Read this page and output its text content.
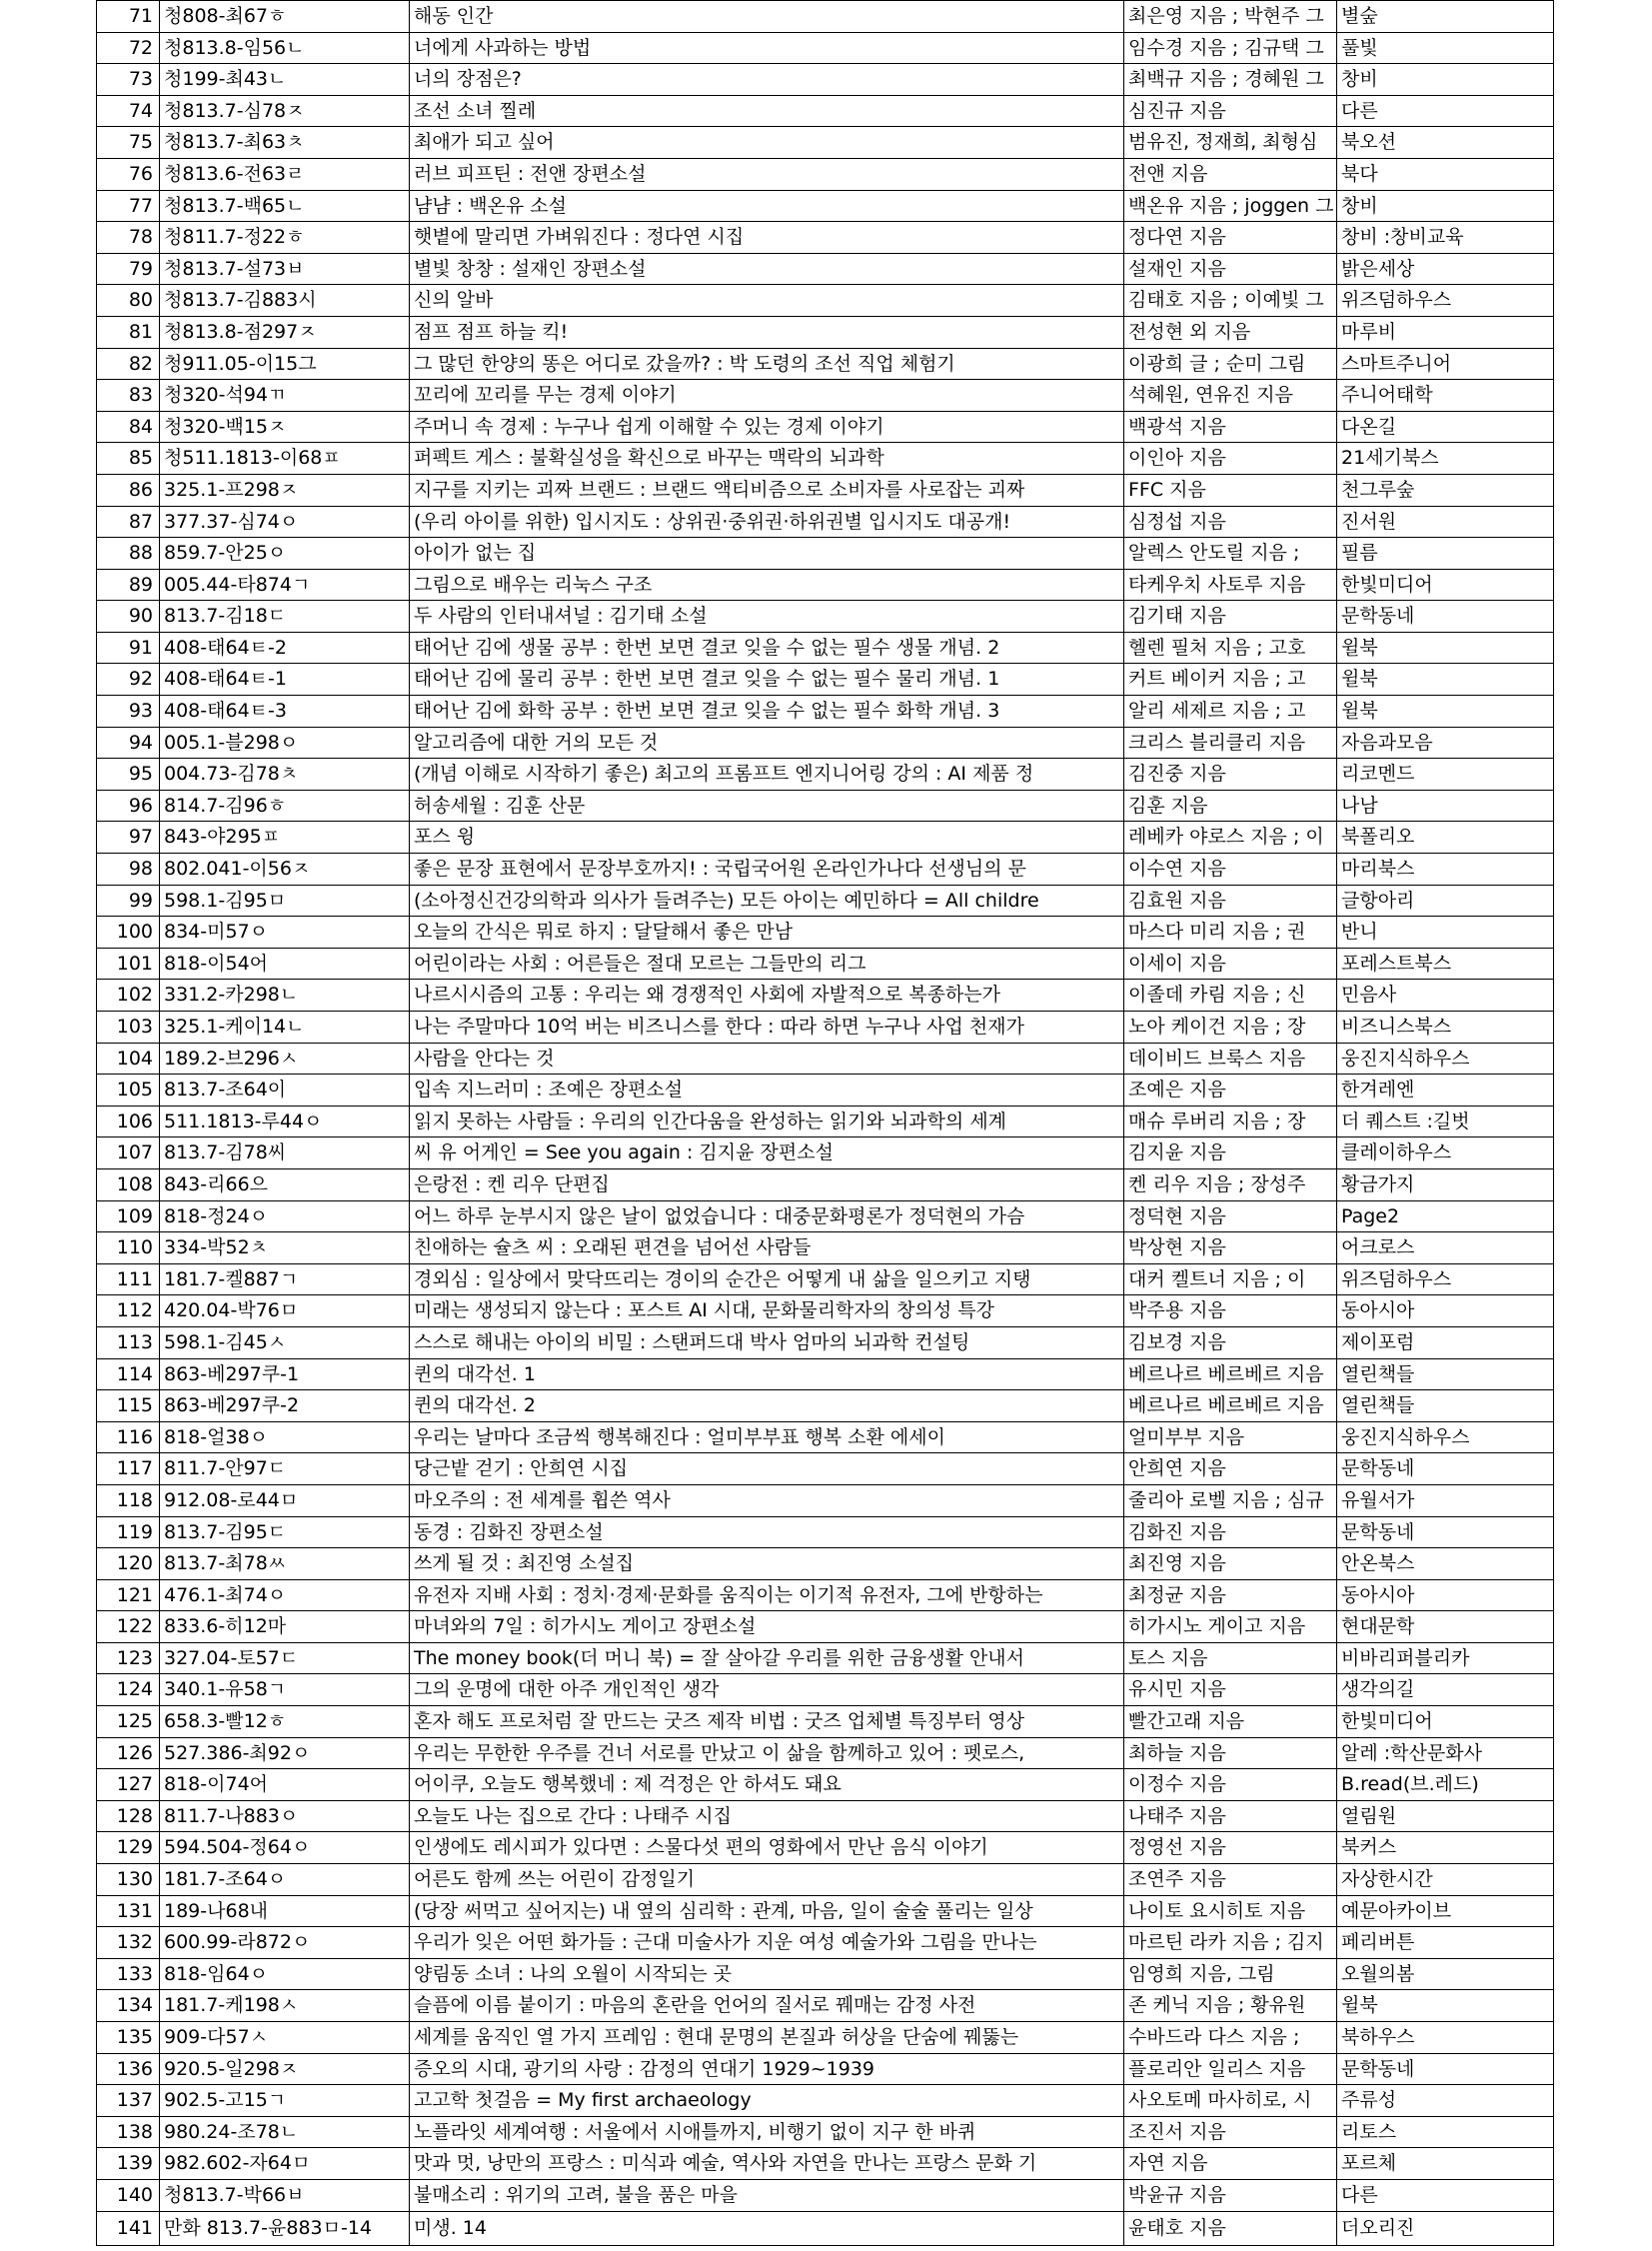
71	청808-최67ㅎ	해동 인간	최은영 지음 ; 박현주 그	별숲
72	청813.8-임56ㄴ	너에게 사과하는 방법	임수경 지음 ; 김규택 그	풀빛
73	청199-최43ㄴ	너의 장점은?	최백규 지음 ; 경혜원 그	창비
74	청813.7-심78ㅈ	조선 소녀 찔레	심진규 지음	다른
75	청813.7-최63ㅊ	최애가 되고 싶어	범유진, 정재희, 최형심	북오션
76	청813.6-전63ㄹ	러브 피프틴 : 전앤 장편소설	전앤 지음	북다
77	청813.7-백65ㄴ	냠냠 : 백온유 소설	백온유 지음 ; joggen 그	창비
78	청811.7-정22ㅎ	햇볕에 말리면 가벼워진다 : 정다연 시집	정다연 지음	창비 :창비교육
79	청813.7-설73ㅂ	별빛 창창 : 설재인 장편소설	설재인 지음	밝은세상
80	청813.7-김883시	신의 알바	김태호 지음 ; 이예빛 그	위즈덤하우스
81	청813.8-점297ㅈ	점프 점프 하늘 킥!	전성현 외 지음	마루비
82	청911.05-이15그	그 많던 한양의 똥은 어디로 갔을까? : 박 도령의 조선 직업 체험기	이광희 글 ; 순미 그림	스마트주니어
83	청320-석94ㄲ	꼬리에 꼬리를 무는 경제 이야기	석혜원, 연유진 지음	주니어태학
84	청320-백15ㅈ	주머니 속 경제 : 누구나 쉽게 이해할 수 있는 경제 이야기	백광석 지음	다온길
85	청511.1813-이68ㅍ	퍼펙트 게스 : 불확실성을 확신으로 바꾸는 맥락의 뇌과학	이인아 지음	21세기북스
86	325.1-프298ㅈ	지구를 지키는 괴짜 브랜드 : 브랜드 액티비즘으로 소비자를 사로잡는 괴짜	FFC 지음	천그루숲
87	377.37-심74ㅇ	(우리 아이를 위한) 입시지도 : 상위권·중위권·하위권별 입시지도 대공개!	심정섭 지음	진서원
88	859.7-안25ㅇ	아이가 없는 집	알렉스 안도릴 지음 ;	필름
89	005.44-타874ㄱ	그림으로 배우는 리눅스 구조	타케우치 사토루 지음	한빛미디어
90	813.7-김18ㄷ	두 사람의 인터내셔널 : 김기태 소설	김기태 지음	문학동네
91	408-태64ㅌ-2	태어난 김에 생물 공부 : 한번 보면 결코 잊을 수 없는 필수 생물 개념. 2	헬렌 필처 지음 ; 고호	윌북
92	408-태64ㅌ-1	태어난 김에 물리 공부 : 한번 보면 결코 잊을 수 없는 필수 물리 개념. 1	커트 베이커 지음 ; 고	윌북
93	408-태64ㅌ-3	태어난 김에 화학 공부 : 한번 보면 결코 잊을 수 없는 필수 화학 개념. 3	알리 세제르 지음 ; 고	윌북
94	005.1-블298ㅇ	알고리즘에 대한 거의 모든 것	크리스 블리클리 지음	자음과모음
95	004.73-김78ㅊ	(개념 이해로 시작하기 좋은) 최고의 프롬프트 엔지니어링 강의 : AI 제품 정	김진중 지음	리코멘드
96	814.7-김96ㅎ	허송세월 : 김훈 산문	김훈 지음	나남
97	843-야295ㅍ	포스 윙	레베카 야로스 지음 ; 이	북폴리오
98	802.041-이56ㅈ	좋은 문장 표현에서 문장부호까지! : 국립국어원 온라인가나다 선생님의 문	이수연 지음	마리북스
99	598.1-김95ㅁ	(소아정신건강의학과 의사가 들려주는) 모든 아이는 예민하다 = All childre	김효원 지음	글항아리
100	834-미57ㅇ	오늘의 간식은 뭐로 하지 : 달달해서 좋은 만남	마스다 미리 지음 ; 권	반니
101	818-이54어	어린이라는 사회 : 어른들은 절대 모르는 그들만의 리그	이세이 지음	포레스트북스
102	331.2-카298ㄴ	나르시시즘의 고통 : 우리는 왜 경쟁적인 사회에 자발적으로 복종하는가	이졸데 카림 지음 ; 신	민음사
103	325.1-케이14ㄴ	나는 주말마다 10억 버는 비즈니스를 한다 : 따라 하면 누구나 사업 천재가	노아 케이건 지음 ; 장	비즈니스북스
104	189.2-브296ㅅ	사람을 안다는 것	데이비드 브룩스 지음	웅진지식하우스
105	813.7-조64이	입속 지느러미 : 조예은 장편소설	조예은 지음	한겨레엔
106	511.1813-루44ㅇ	읽지 못하는 사람들 : 우리의 인간다움을 완성하는 읽기와 뇌과학의 세계	매슈 루버리 지음 ; 장	더 퀘스트 :길벗
107	813.7-김78씨	씨 유 어게인 = See you again : 김지윤 장편소설	김지윤 지음	클레이하우스
108	843-리66으	은랑전 : 켄 리우 단편집	켄 리우 지음 ; 장성주	황금가지
109	818-정24ㅇ	어느 하루 눈부시지 않은 날이 없었습니다 : 대중문화평론가 정덕현의 가슴	정덕현 지음	Page2
110	334-박52ㅊ	친애하는 슐츠 씨 : 오래된 편견을 넘어선 사람들	박상현 지음	어크로스
111	181.7-켈887ㄱ	경외심 : 일상에서 맞닥뜨리는 경이의 순간은 어떻게 내 삶을 일으키고 지탱	대커 켈트너 지음 ; 이	위즈덤하우스
112	420.04-박76ㅁ	미래는 생성되지 않는다 : 포스트 AI 시대, 문화물리학자의 창의성 특강	박주용 지음	동아시아
113	598.1-김45ㅅ	스스로 해내는 아이의 비밀 : 스탠퍼드대 박사 엄마의 뇌과학 컨설팅	김보경 지음	제이포럼
114	863-베297쿠-1	퀸의 대각선. 1	베르나르 베르베르 지음	열린책들
115	863-베297쿠-2	퀸의 대각선. 2	베르나르 베르베르 지음	열린책들
116	818-얼38ㅇ	우리는 날마다 조금씩 행복해진다 : 얼미부부표 행복 소환 에세이	얼미부부 지음	웅진지식하우스
117	811.7-안97ㄷ	당근밭 걷기 : 안희연 시집	안희연 지음	문학동네
118	912.08-로44ㅁ	마오주의 : 전 세계를 휩쓴 역사	줄리아 로벨 지음 ; 심규	유월서가
119	813.7-김95ㄷ	동경 : 김화진 장편소설	김화진 지음	문학동네
120	813.7-최78ㅆ	쓰게 될 것 : 최진영 소설집	최진영 지음	안온북스
121	476.1-최74ㅇ	유전자 지배 사회 : 정치·경제·문화를 움직이는 이기적 유전자, 그에 반항하는	최정균 지음	동아시아
122	833.6-히12마	마녀와의 7일 : 히가시노 게이고 장편소설	히가시노 게이고 지음	현대문학
123	327.04-토57ㄷ	The money book(더 머니 북) = 잘 살아갈 우리를 위한 금융생활 안내서	토스 지음	비바리퍼블리카
124	340.1-유58ㄱ	그의 운명에 대한 아주 개인적인 생각	유시민 지음	생각의길
125	658.3-빨12ㅎ	혼자 해도 프로처럼 잘 만드는 굿즈 제작 비법 : 굿즈 업체별 특징부터 영상	빨간고래 지음	한빛미디어
126	527.386-최92ㅇ	우리는 무한한 우주를 건너 서로를 만났고 이 삶을 함께하고 있어 : 펫로스,	최하늘 지음	알레 :학산문화사
127	818-이74어	어이쿠, 오늘도 행복했네 : 제 걱정은 안 하셔도 돼요	이정수 지음	B.read(브.레드)
128	811.7-나883ㅇ	오늘도 나는 집으로 간다 : 나태주 시집	나태주 지음	열림원
129	594.504-정64ㅇ	인생에도 레시피가 있다면 : 스물다섯 편의 영화에서 만난 음식 이야기	정영선 지음	북커스
130	181.7-조64ㅇ	어른도 함께 쓰는 어린이 감정일기	조연주 지음	자상한시간
131	189-나68내	(당장 써먹고 싶어지는) 내 옆의 심리학 : 관계, 마음, 일이 술술 풀리는 일상	나이토 요시히토 지음	예문아카이브
132	600.99-라872ㅇ	우리가 잊은 어떤 화가들 : 근대 미술사가 지운 여성 예술가와 그림을 만나는	마르틴 라카 지음 ; 김지	페리버튼
133	818-임64ㅇ	양림동 소녀 : 나의 오월이 시작되는 곳	임영희 지음, 그림	오월의봄
134	181.7-케198ㅅ	슬픔에 이름 붙이기 : 마음의 혼란을 언어의 질서로 꿰매는 감정 사전	존 케닉 지음 ; 황유원	윌북
135	909-다57ㅅ	세계를 움직인 열 가지 프레임 : 현대 문명의 본질과 허상을 단숨에 꿰뚫는	수바드라 다스 지음 ;	북하우스
136	920.5-일298ㅈ	증오의 시대, 광기의 사랑 : 감정의 연대기 1929~1939	플로리안 일리스 지음	문학동네
137	902.5-고15ㄱ	고고학 첫걸음 = My first archaeology	사오토메 마사히로, 시	주류성
138	980.24-조78ㄴ	노플라잇 세계여행 : 서울에서 시애틀까지, 비행기 없이 지구 한 바퀴	조진서 지음	리토스
139	982.602-자64ㅁ	맛과 멋, 낭만의 프랑스 : 미식과 예술, 역사와 자연을 만나는 프랑스 문화 기	자연 지음	포르체
140	청813.7-박66ㅂ	불매소리 : 위기의 고려, 불을 품은 마을	박윤규 지음	다른
141	만화 813.7-윤883ㅁ-14	미생. 14	윤태호 지음	더오리진
